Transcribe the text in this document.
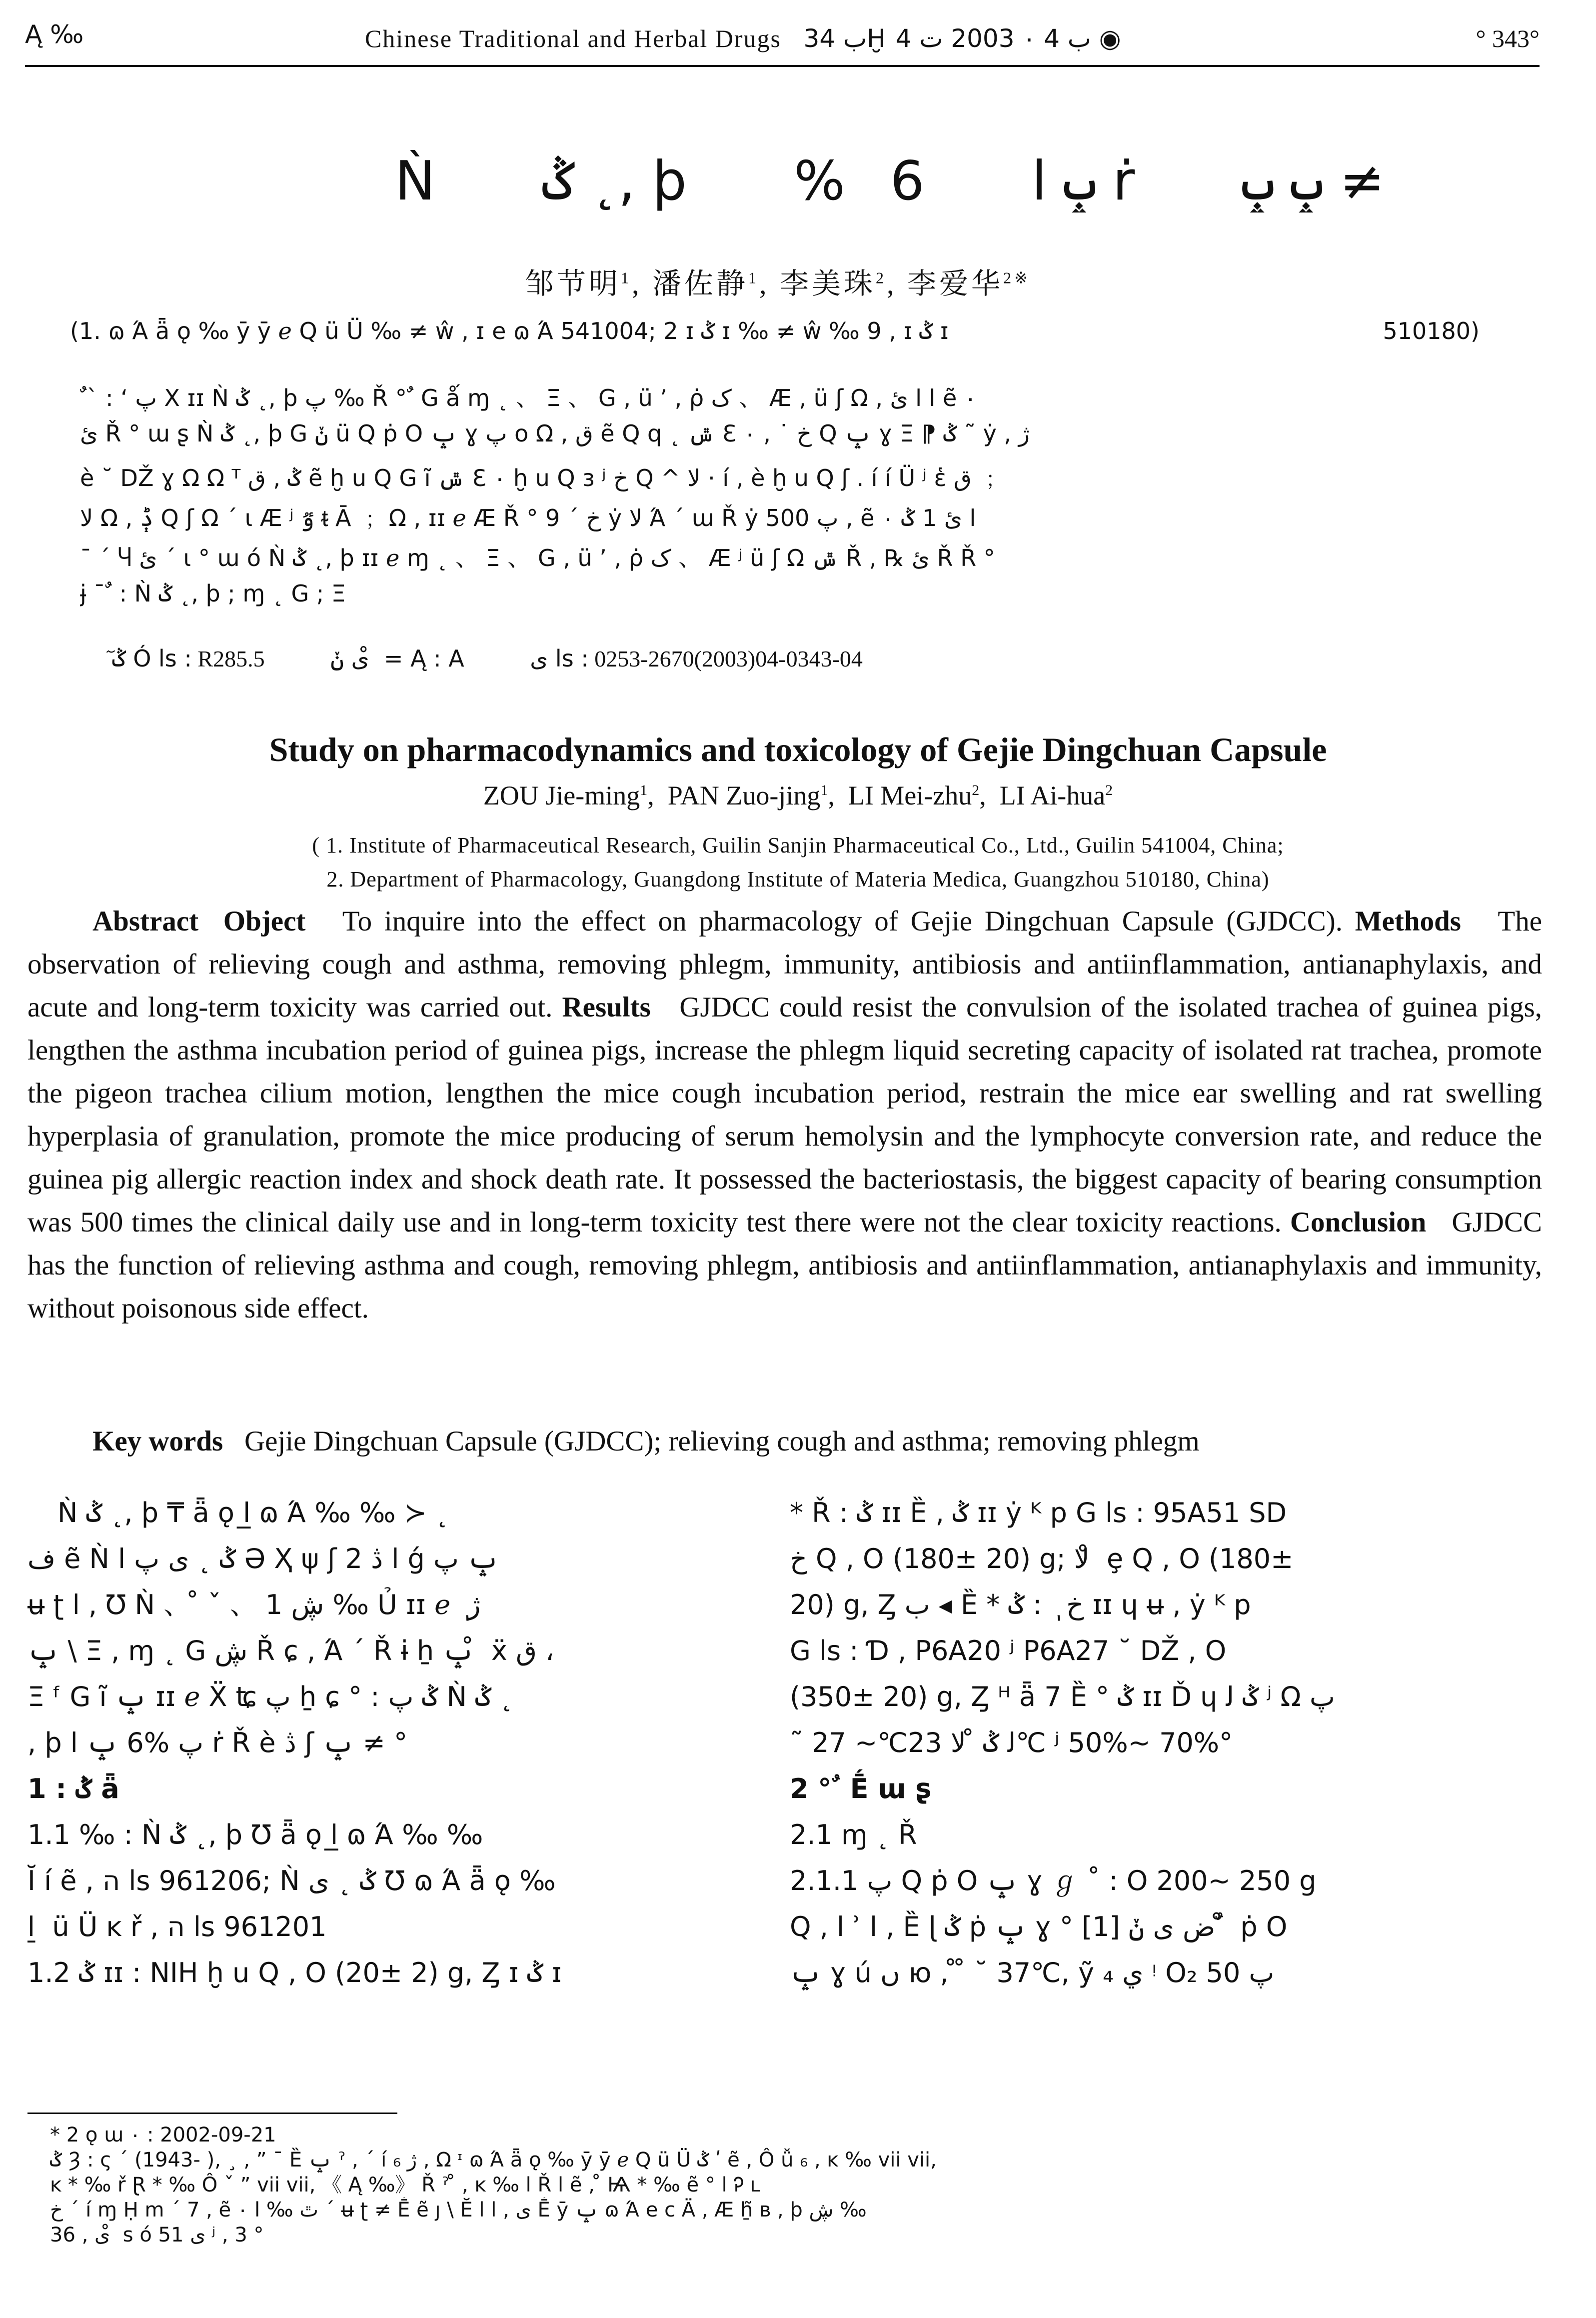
Ą ‰	Chinese Traditional and Herbal Drugs ب 34Ḫ ب 4 ۰ 2003 ت 4 ◉	° 343°
Ǹ ݣ ˛, þ %6 ݒ ﺍ ṙ ݒ ݒ ≠
邹节明$^1$, 潘佐静$^1$, 李美珠$^2$, 李爱华$^{2※}$
(1. ɷ Ά ǟ ǫ ‰ ȳ ȳ ℯ Q ü Ü ‰ ≠ ŵ , ɪ e ɷ Ά 541004; 2 ɪ ݣ ɪ ‰ ≠ ŵ ‰ 9 , ɪ ݣ ɪ	510180)
ٌ ˋ : ʻ پ X ɪɪ Ǹ ݣ ˛, þ پ ‰ Ř ° ٌ G ǻ ɱ ˛ 、 Ξ 、 G , ü ’ , ρ̇ ک 、 Æ , ü ʃ Ω , ﺍ ﺍ ئ ẽ ۰
ئ Ř ° ɯ ʂ Ǹ ݣ ˛, þ G ݩ ü Q ṗ O ݒ ɣ پ o Ω , ق ẽ Q q ˛ ݜ ℇ ۰ , ˙ خ Q ݒ ɣ Ξ ⁋ ݣ ˜ ẏ , ژ
è ˘ DŽ ɣ Ω Ω ᵀ ݣ , ق ẽ ḫ u Q G ĩ ݜ ℇ ۰ ḫ u Q ɜ ʲ خ Q ^ ﻻ · í , è ḫ u Q ʃ . í í Ü ʲ ἑ ق ﹔
ﻻ Ω , ݙ Q ʃ Ω ´ ɩ Æ ʲ ٷ ᵵ Ā ﹔ Ω , ɪɪ ℯ Æ Ř ° خ ´ 9 ẏ ﻻ Ά ´ ɯ Ř ẏ پ 500 , ẽ ۰ ﺍ ئ 1 ݣ
ˉ ˊ Ⴗ ئ ˊ ɩ ° ɯ ó Ǹ ݣ ˛, þ ɪɪ ℯ ɱ ˛ 、 Ξ 、 G , ü ’ , ρ̇ ک 、 Æ ʲ ü ʃ Ω ݜ Ř , ℞ ئ Ř Ř °
ɉ ˉ ٌ : Ǹ ݣ ˛, þ ; ɱ ˛ G ; Ξ
ٓ ݣ Ó ls : R285.5	ى ݩ ̊ = Ą : A	ى ls : 0253-2670(2003)04-0343-04
Study on pharmacodynamics and toxicology of Gejie Dingchuan Capsule
ZOU Jie-ming$^1$,  PAN Zuo-jing$^1$,  LI Mei-zhu$^2$,  LI Ai-hua$^2$
( 1. Institute of Pharmaceutical Research, Guilin Sanjin Pharmaceutical Co., Ltd., Guilin 541004, China;
2. Department of Pharmacology, Guangdong Institute of Materia Medica, Guangzhou 510180, China)
Abstract Object To inquire into the effect on pharmacology of Gejie Dingchuan Capsule (GJDCC). Methods The observation of relieving cough and asthma, removing phlegm, immunity, antibiosis and antiinflammation, antianaphylaxis, and acute and long-term toxicity was carried out. Results GJDCC could resist the convulsion of the isolated trachea of guinea pigs, lengthen the asthma incubation period of guinea pigs, increase the phlegm liquid secreting capacity of isolated rat trachea, promote the pigeon trachea cilium motion, lengthen the mice cough incubation period, restrain the mice ear swelling and rat swelling hyperplasia of granulation, promote the mice producing of serum hemolysin and the lymphocyte conversion rate, and reduce the guinea pig allergic reaction index and shock death rate. It possessed the bacteriostasis, the biggest capacity of bearing consumption was 500 times the clinical daily use and in long-term toxicity test there were not the clear toxicity reactions. Conclusion GJDCC has the function of relieving asthma and cough, removing phlegm, antibiosis and antiinflammation, antianaphylaxis and immunity, without poisonous side effect.
Key words Gejie Dingchuan Capsule (GJDCC); relieving cough and asthma; removing phlegm
Ǹ ݣ ˛, þ ₸ ǟ ǫ ﺍ ̲ɷ Ά ‰ ‰ ≻ ˛
ف ẽ Ǹ ݣ ˛ ى پ ﺍ Ә Ҳ ψ ʃ ﺍ ڎ 2 ǵ ݒ پ
ʉ ʈ ﺍ , Ʊ Ǹ 、 ̊ ˇ 、 1 ڜ ‰ Ủ ɪɪ ℯ ٖ ژ
ݒ \ Ξ , ɱ ˛ G ڜ Ř ɕ , Ά ´ Ř ɨ ẖ ݒ ̊ ẍ ق ،
Ξ ᶠ G ĩ ݒ ɪɪ ℯ Ẍ ʨ پ ẖ ɕ ° : ݣ پ Ǹ ݣ ˛
, þ پ %6 ݒ ﺍ ṙ Ř è ڎ ʃ ݒ ≠ °
1 : ݣ ǟ
1.1 ‰ : Ǹ ݣ ˛, þ Ʊ ǟ ǫ ﺍ ̲ɷ Ά ‰ ‰
Ĭ í ẽ , ה ls 961206; Ǹ ݣ ˛ ى Ʊ ɷ Ά ǟ ǫ ‰
ﺍ ̲ ü Ü ĸ ř , ה ls 961201
1.2 ݣ ɪɪ : NIH ḫ u Q , O (20± 2) g, Ȥ ɪ ݣ ɪ
* Ř : ݣ ɪɪ Ȅ , ݣ ɪɪ ẏ ᴷ p G ls : 95A51 SD
خ Q , O (180± 20) g; ﻻ ̊ ȩ Q , O (180±
20) g, Ȥ ب ◂ Ȅ * خ ٖ : ݣ ɪɪ ɥ ʉ , ẏ ᴷ p
G ls : Ɗ , P6A20 ʲ P6A27 ˘ DŽ , O
(350± 20) g, Ȥ ᴴ ǟ 7 Ȅ ° ݣ ɪɪ Ď ɥ ݣ ﻟ ʲ Ω پ
˜ ﻟ ݣ ̊ ﻻ 23℃~ 27℃ ʲ 50%~ 70%°
2 ° ٌ Ḗ ɯ ʂ
2.1 ɱ ˛ Ř
2.1.1 پ Q ṗ O ݒ ɣ ℊ ˚ : O 200~ 250 g
Q , ﺍ ʾ ﺍ , Ȅ ɭ ݣ ṗ ݒ ɣ ° ض ى ݩ [1] ٌ ̊ ṗ O
ݒ ɣ ú ں ю , ̊ ̊ ˘ 37℃, ỹ ي ₄ ᵎ O₂ پ 50
* 2 ǫ ɯ ۰ : 2002-09-21
ݣ Ȝ : ς ˊ (1943- ), ¸ , ˮ ¯ Ȅ ݒ ˀ , ˊ í ژ ₆ , Ω ᶦ ɷ Ά ǟ ǫ ‰ ȳ ȳ ℯ Q ü Ü ݣ ʹ ẽ , Ô ǚ ₆ , ĸ ‰ vii vii,
ĸ * ‰ ř Ɽ * ‰ Ô ˇ ˮ vii vii, 《 Ą ‰》 Ř ˀ ̊ , ĸ ‰ ﺍ Ř ﺍ ẽ , ̊ Ѩ * ‰ ẽ ° ﺍ Ꭾ ʟ
خ ˊ í ɱ Ḥ m ˊ 7 , ẽ ۰ ٿ ‰ ﺍ ˊ ʉ ʈ ≠ Ḗ ẽ ȷ \ Ӗ ى , ﺍ ﺍ Ḗ ȳ ݒ ɷ Ά e ᴄ Ä , Æ ẖ̃ ʙ , þ ڜ ‰
36 , ى ̊ s ó ى 51 ʲ , 3 °
